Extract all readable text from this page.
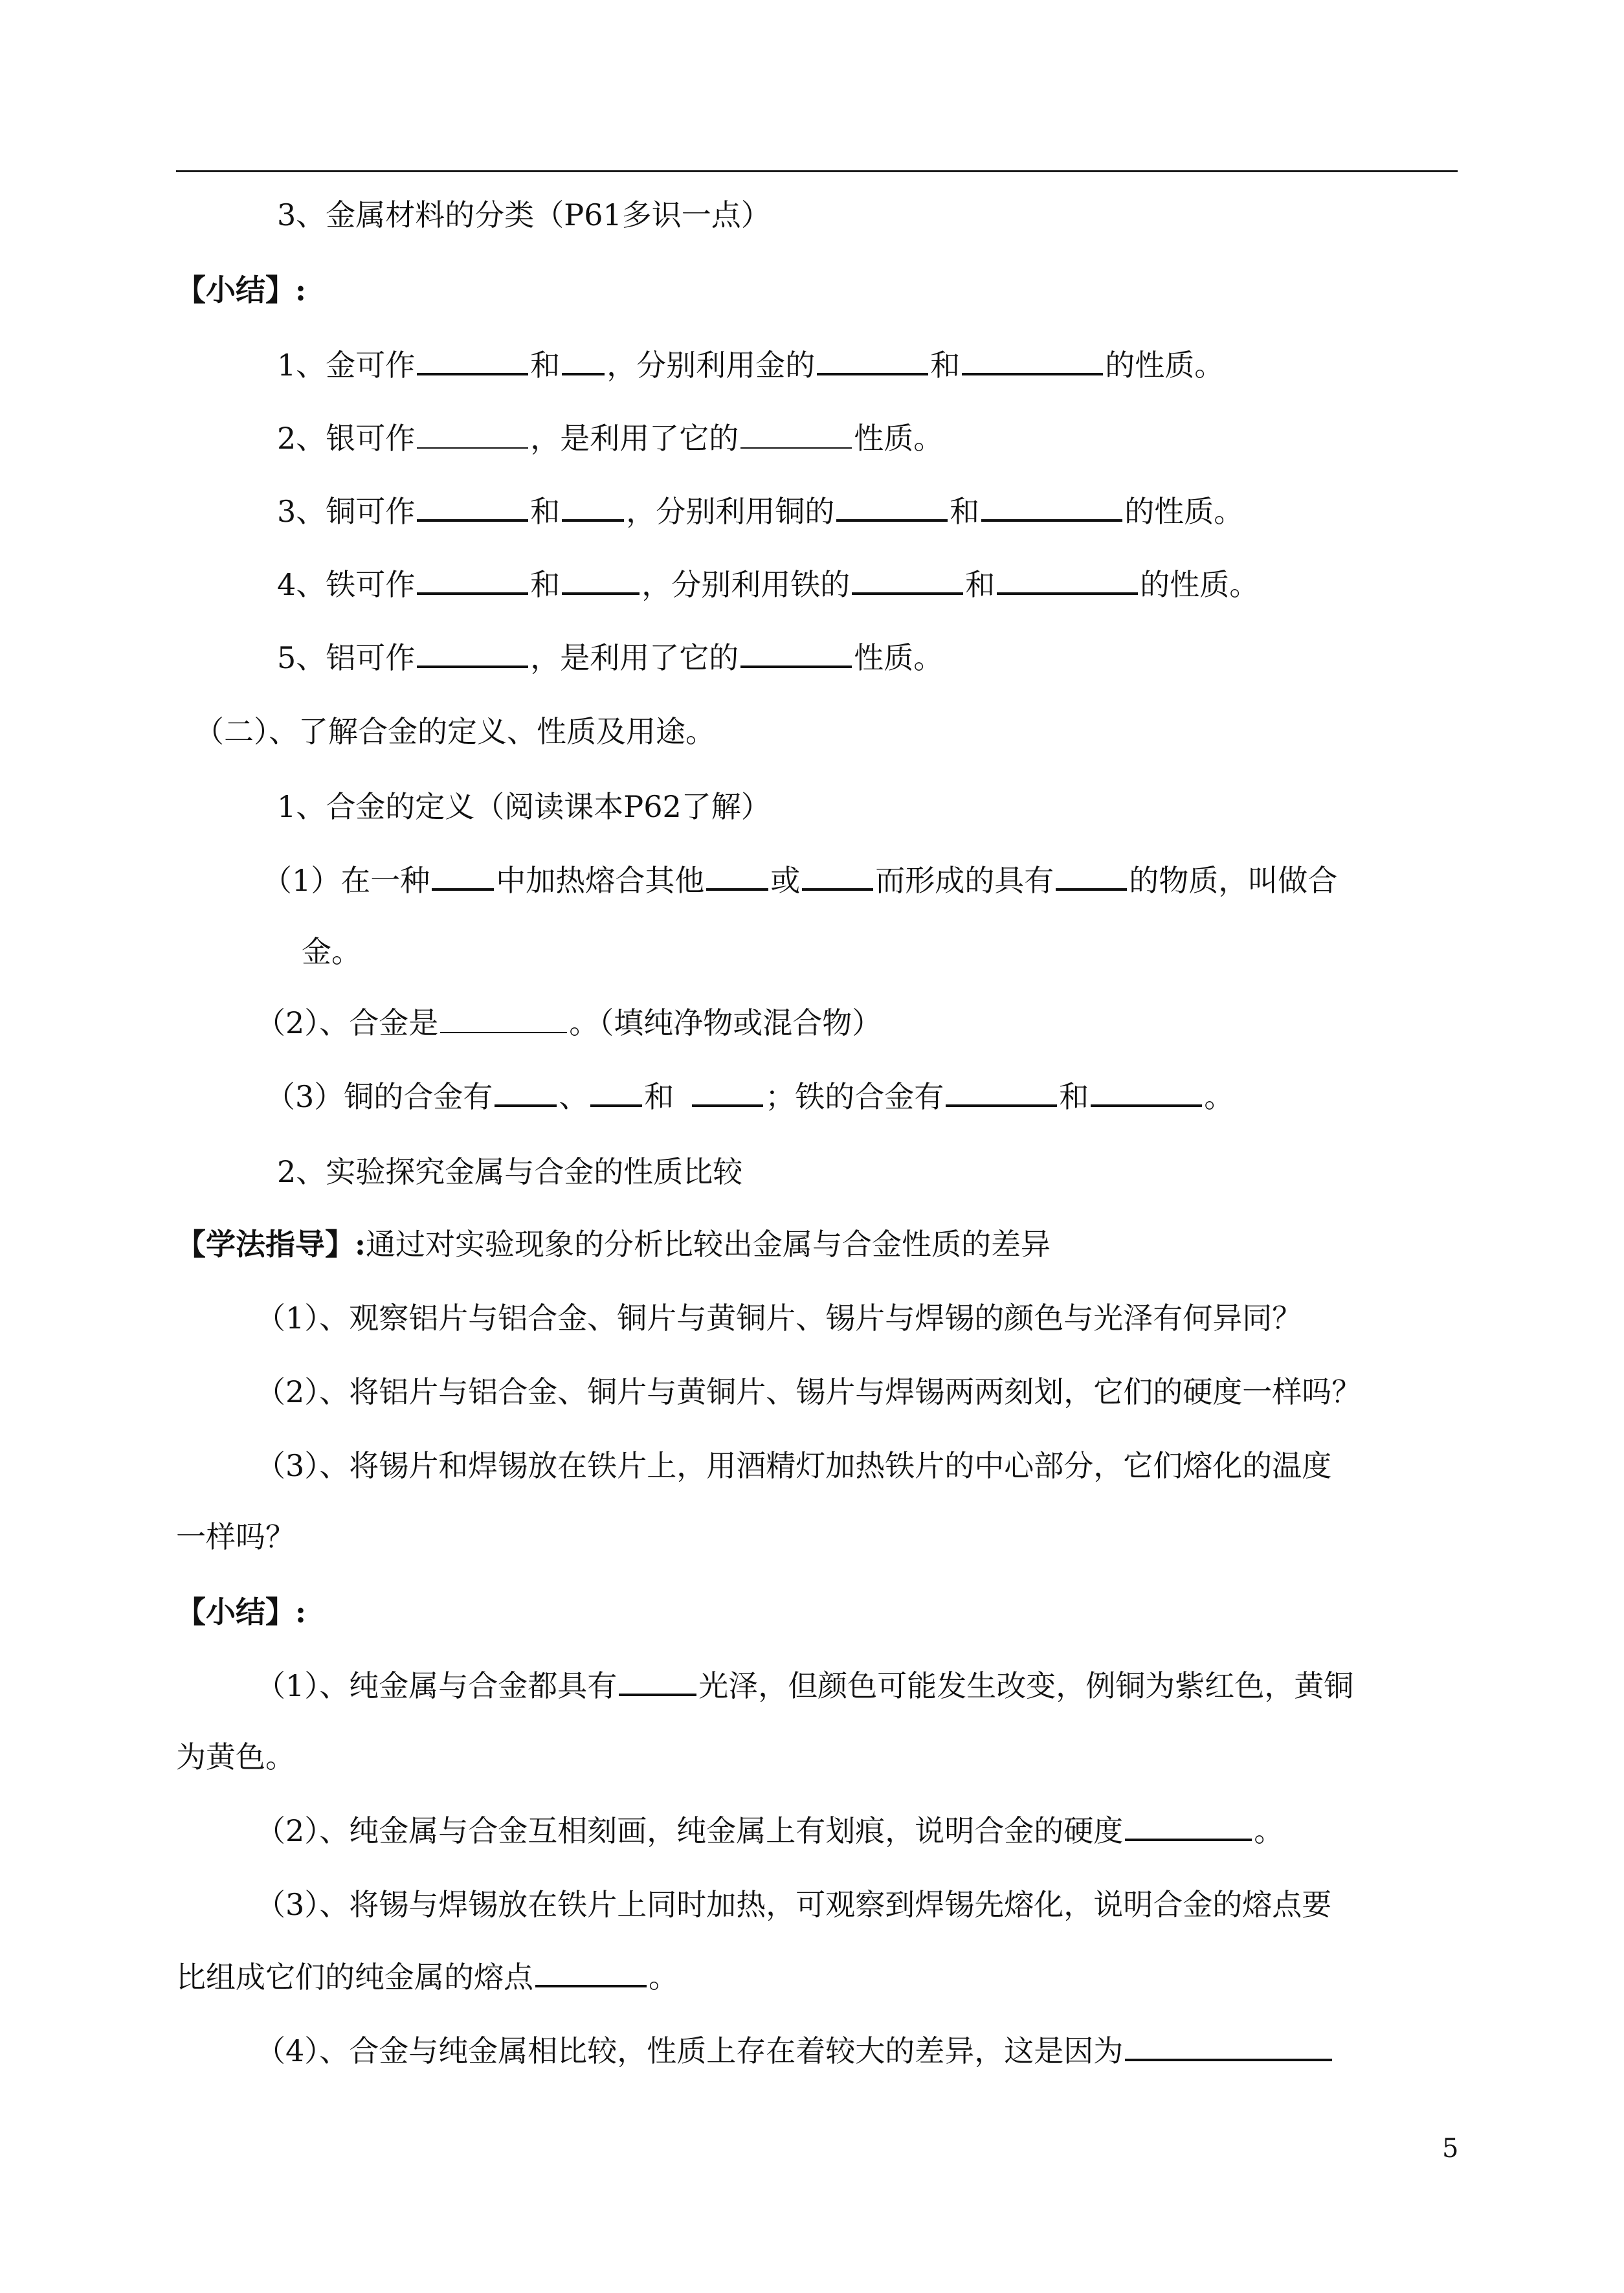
3、金属材料的分类（P61多识一点）
【小结】:
1、金可作	和 ，分别利用金的	和	的性质。
2、银可作	，是利用了它的	性质。
3、铜可作	和 ，分别利用铜的	和	的性质。
4、铁可作	和	，分别利用铁的	和	的性质。
5、铝可作	，是利用了它的	性质。
（二）、了解合金的定义、性质及用途。
1、合金的定义（阅读课本P62了解）
（1）在一种 中加热熔合其他 或	而形成的具有	的物质，叫做合
金。
（2）、合金是	。（填纯净物或混合物）
（3）铜的合金有 、 和	；铁的合金有	和	。
2、实验探究金属与合金的性质比较
【学法指导】:通过对实验现象的分析比较出金属与合金性质的差异
（1）、观察铝片与铝合金、铜片与黄铜片、锡片与焊锡的颜色与光泽有何异同？
（2）、将铝片与铝合金、铜片与黄铜片、锡片与焊锡两两刻划，它们的硬度一样吗？
（3）、将锡片和焊锡放在铁片上，用酒精灯加热铁片的中心部分，它们熔化的温度
一样吗？
【小结】:
（1）、纯金属与合金都具有	光泽，但颜色可能发生改变，例铜为紫红色，黄铜
为黄色。
（2）、纯金属与合金互相刻画，纯金属上有划痕，说明合金的硬度	。
（3）、将锡与焊锡放在铁片上同时加热，可观察到焊锡先熔化，说明合金的熔点要
比组成它们的纯金属的熔点	。
（4）、合金与纯金属相比较，性质上存在着较大的差异，这是因为
5
